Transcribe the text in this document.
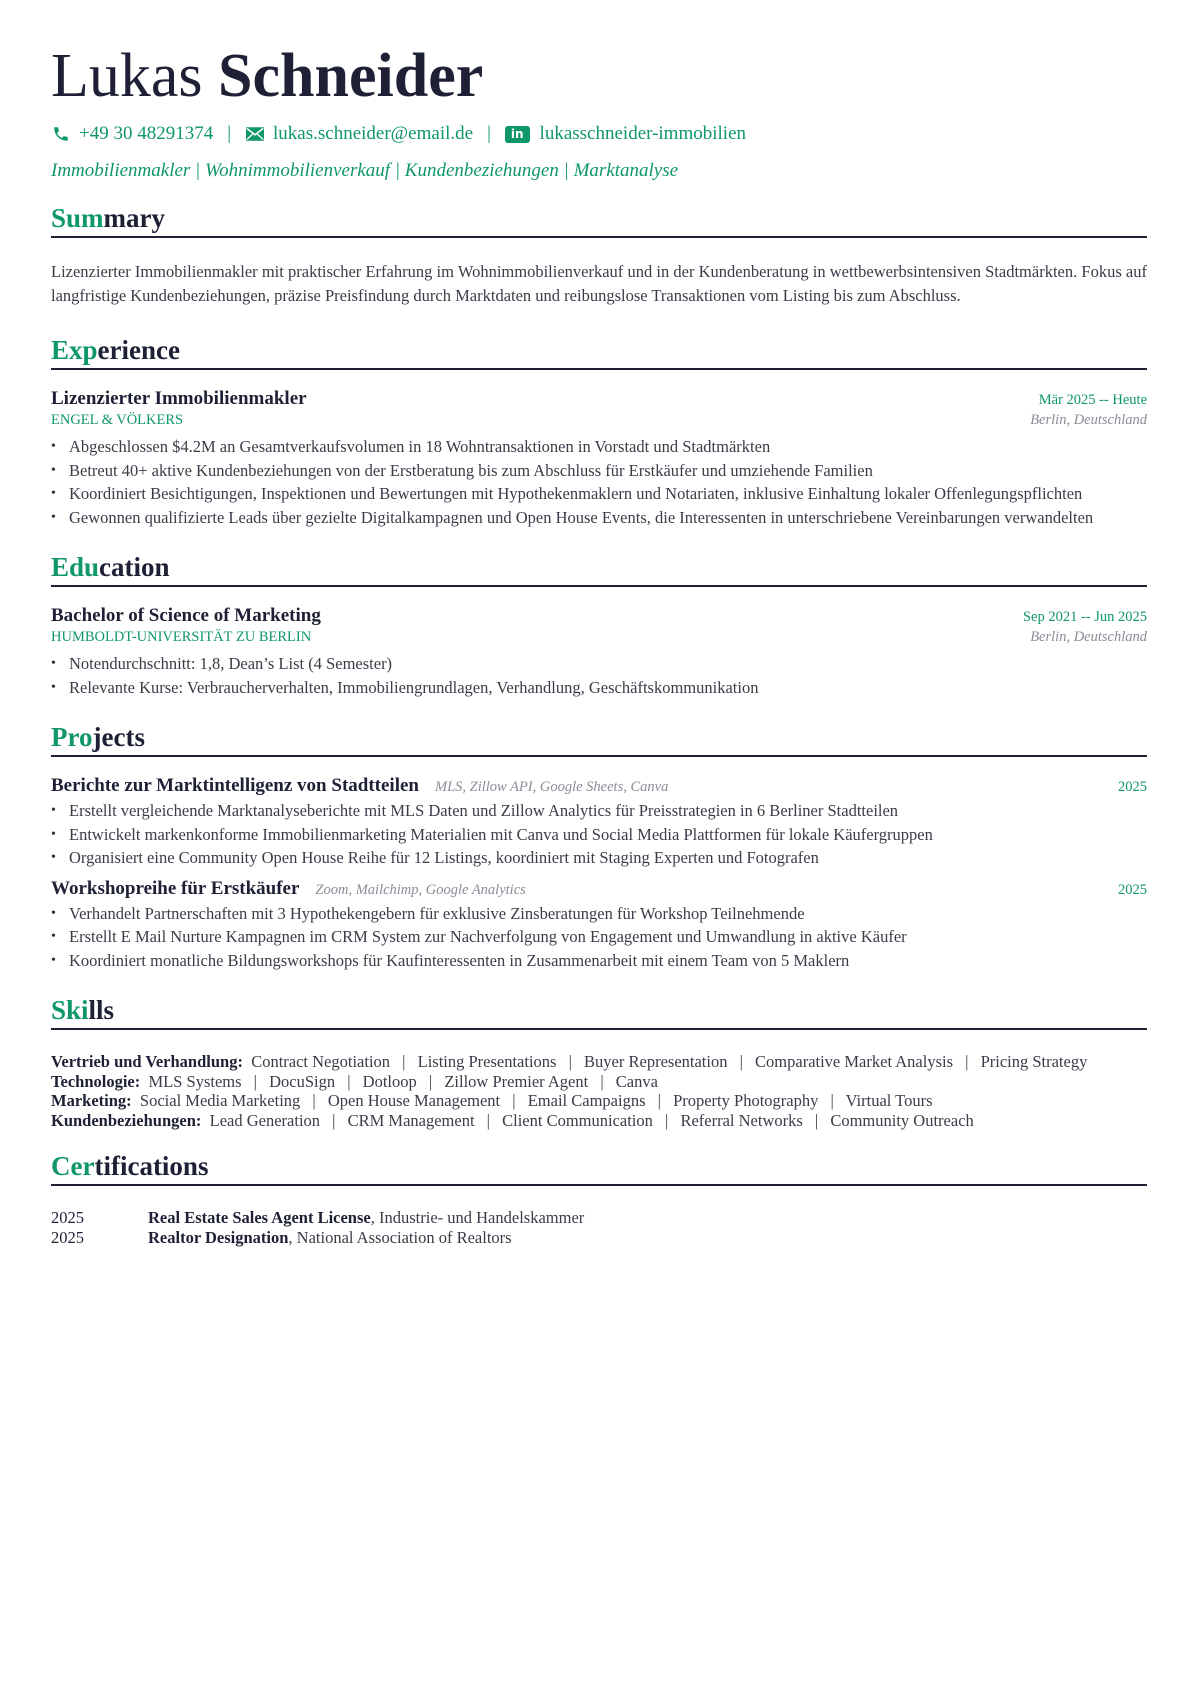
Lukas Schneider
+49 30 48291374 | lukas.schneider@email.de |	in lukasschneider-immobilien
Immobilienmakler | Wohnimmobilienverkauf | Kundenbeziehungen | Marktanalyse
Summary
Lizenzierter Immobilienmakler mit praktischer Erfahrung im Wohnimmobilienverkauf und in der Kundenberatung in wettbewerbsintensiven Stadtmärkten. Fokus auf langfristige Kundenbeziehungen, präzise Preisfindung durch Marktdaten und reibungslose Transaktionen vom Listing bis zum Abschluss.
Experience
Lizenzierter Immobilienmakler	Mär 2025 -- Heute
ENGEL & VÖLKERS	Berlin, Deutschland
• Abgeschlossen $4.2M an Gesamtverkaufsvolumen in 18 Wohntransaktionen in Vorstadt und Stadtmärkten
• Betreut 40+ aktive Kundenbeziehungen von der Erstberatung bis zum Abschluss für Erstkäufer und umziehende Familien
• Koordiniert Besichtigungen, Inspektionen und Bewertungen mit Hypothekenmaklern und Notariaten, inklusive Einhaltung lokaler Offenlegungspflichten
• Gewonnen qualifizierte Leads über gezielte Digitalkampagnen und Open House Events, die Interessenten in unterschriebene Vereinbarungen verwandelten
Education
Bachelor of Science of Marketing	Sep 2021 -- Jun 2025
HUMBOLDT-UNIVERSITÄT ZU BERLIN	Berlin, Deutschland
• Notendurchschnitt: 1,8, Dean’s List (4 Semester)
• Relevante Kurse: Verbraucherverhalten, Immobiliengrundlagen, Verhandlung, Geschäftskommunikation
Projects
Berichte zur Marktintelligenz von Stadtteilen MLS, Zillow API, Google Sheets, Canva	2025
• Erstellt vergleichende Marktanalyseberichte mit MLS Daten und Zillow Analytics für Preisstrategien in 6 Berliner Stadtteilen
• Entwickelt markenkonforme Immobilienmarketing Materialien mit Canva und Social Media Plattformen für lokale Käufergruppen
• Organisiert eine Community Open House Reihe für 12 Listings, koordiniert mit Staging Experten und Fotografen
Workshopreihe für Erstkäufer Zoom, Mailchimp, Google Analytics	2025
• Verhandelt Partnerschaften mit 3 Hypothekengebern für exklusive Zinsberatungen für Workshop Teilnehmende
• Erstellt E Mail Nurture Kampagnen im CRM System zur Nachverfolgung von Engagement und Umwandlung in aktive Käufer
• Koordiniert monatliche Bildungsworkshops für Kaufinteressenten in Zusammenarbeit mit einem Team von 5 Maklern
Skills
Vertrieb und Verhandlung: Contract Negotiation | Listing Presentations | Buyer Representation | Comparative Market Analysis | Pricing Strategy
Technologie: MLS Systems | DocuSign | Dotloop | Zillow Premier Agent | Canva
Marketing: Social Media Marketing | Open House Management | Email Campaigns | Property Photography | Virtual Tours
Kundenbeziehungen: Lead Generation | CRM Management | Client Communication | Referral Networks | Community Outreach
Certifications
2025	Real Estate Sales Agent License, Industrie- und Handelskammer
2025	Realtor Designation, National Association of Realtors
